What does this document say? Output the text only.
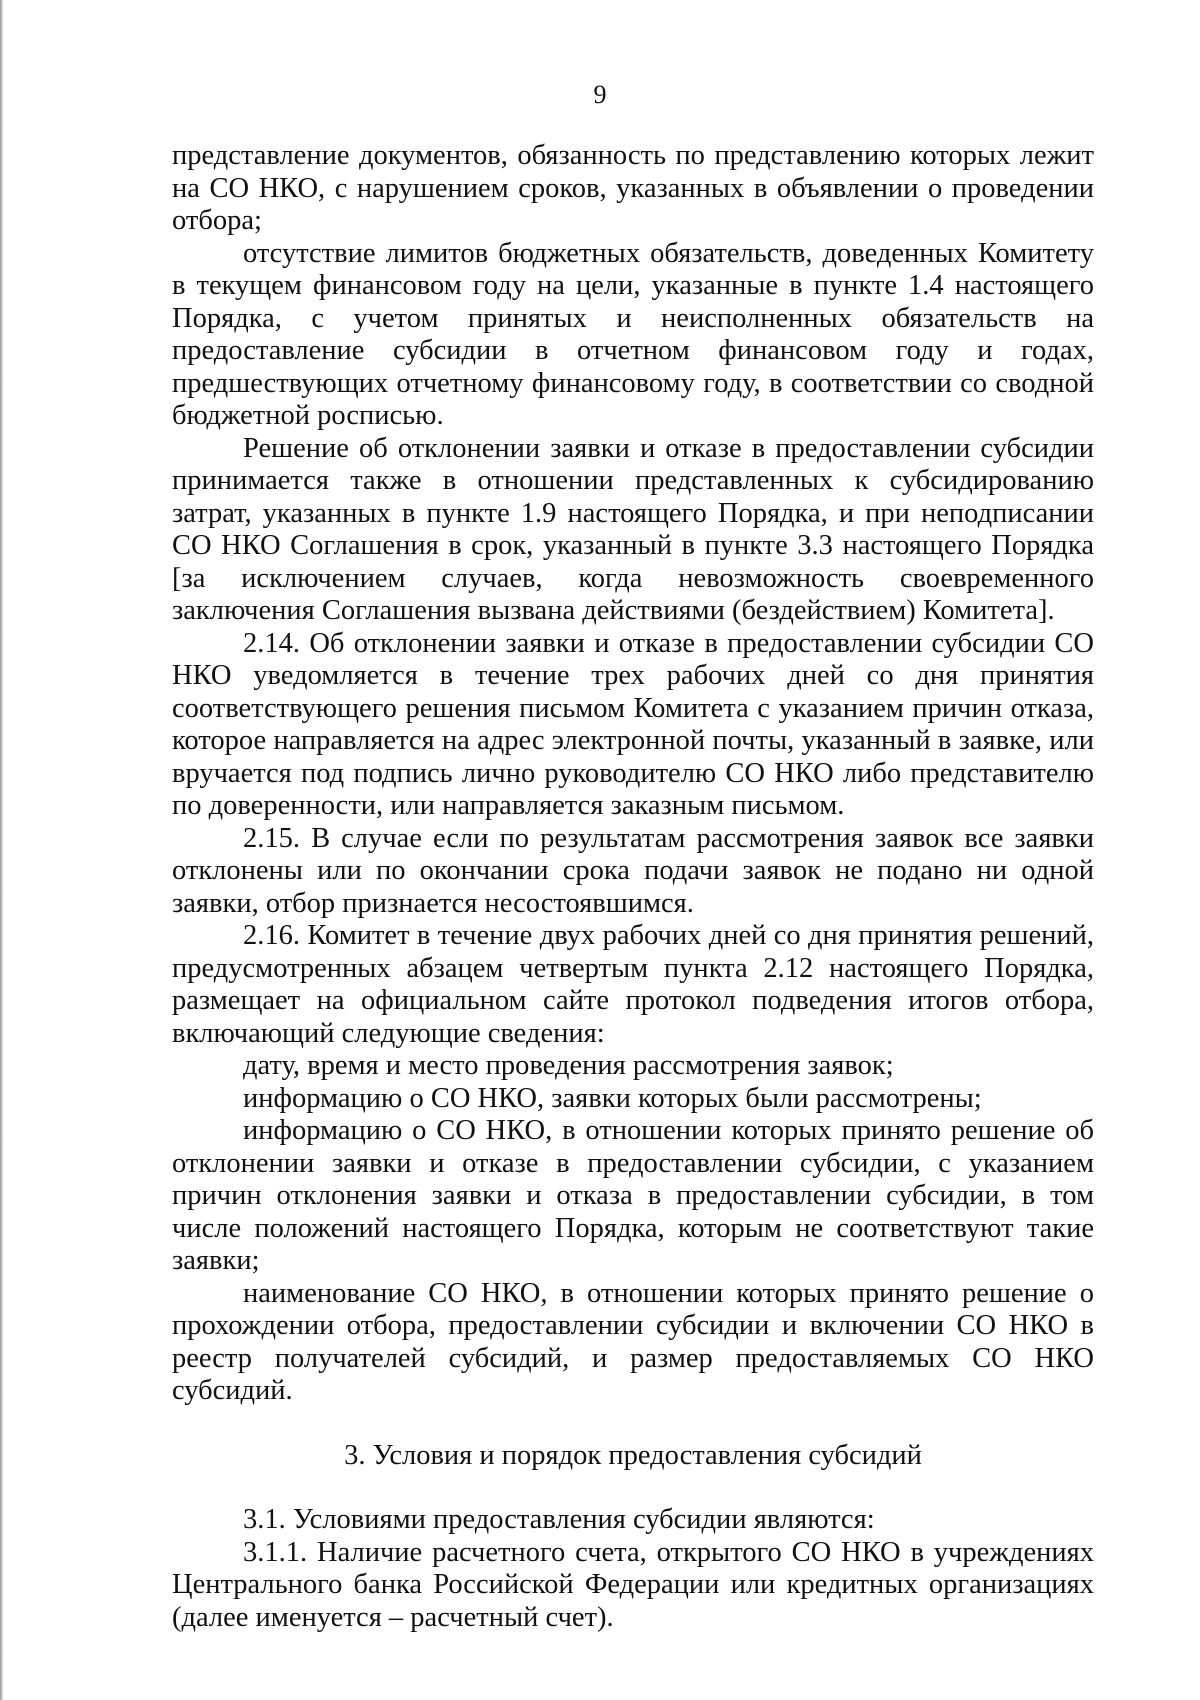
9

представление документов, обязанность по представлению которых лежит на СО НКО, с нарушением сроков, указанных в объявлении о проведении отбора;

отсутствие лимитов бюджетных обязательств, доведенных Комитету в текущем финансовом году на цели, указанные в пункте 1.4 настоящего Порядка, с учетом принятых и неисполненных обязательств на предоставление субсидии в отчетном финансовом году и годах, предшествующих отчетному финансовому году, в соответствии со сводной бюджетной росписью.

Решение об отклонении заявки и отказе в предоставлении субсидии принимается также в отношении представленных к субсидированию затрат, указанных в пункте 1.9 настоящего Порядка, и при неподписании СО НКО Соглашения в срок, указанный в пункте 3.3 настоящего Порядка [за исключением случаев, когда невозможность своевременного заключения Соглашения вызвана действиями (бездействием) Комитета].

2.14. Об отклонении заявки и отказе в предоставлении субсидии СО НКО уведомляется в течение трех рабочих дней со дня принятия соответствующего решения письмом Комитета с указанием причин отказа, которое направляется на адрес электронной почты, указанный в заявке, или вручается под подпись лично руководителю СО НКО либо представителю по доверенности, или направляется заказным письмом.

2.15. В случае если по результатам рассмотрения заявок все заявки отклонены или по окончании срока подачи заявок не подано ни одной заявки, отбор признается несостоявшимся.

2.16. Комитет в течение двух рабочих дней со дня принятия решений, предусмотренных абзацем четвертым пункта 2.12 настоящего Порядка, размещает на официальном сайте протокол подведения итогов отбора, включающий следующие сведения:

дату, время и место проведения рассмотрения заявок;

информацию о СО НКО, заявки которых были рассмотрены;

информацию о СО НКО, в отношении которых принято решение об отклонении заявки и отказе в предоставлении субсидии, с указанием причин отклонения заявки и отказа в предоставлении субсидии, в том числе положений настоящего Порядка, которым не соответствуют такие заявки;

наименование СО НКО, в отношении которых принято решение о прохождении отбора, предоставлении субсидии и включении СО НКО в реестр получателей субсидий, и размер предоставляемых СО НКО субсидий.

3. Условия и порядок предоставления субсидий

3.1. Условиями предоставления субсидии являются:

3.1.1. Наличие расчетного счета, открытого СО НКО в учреждениях Центрального банка Российской Федерации или кредитных организациях (далее именуется – расчетный счет).
